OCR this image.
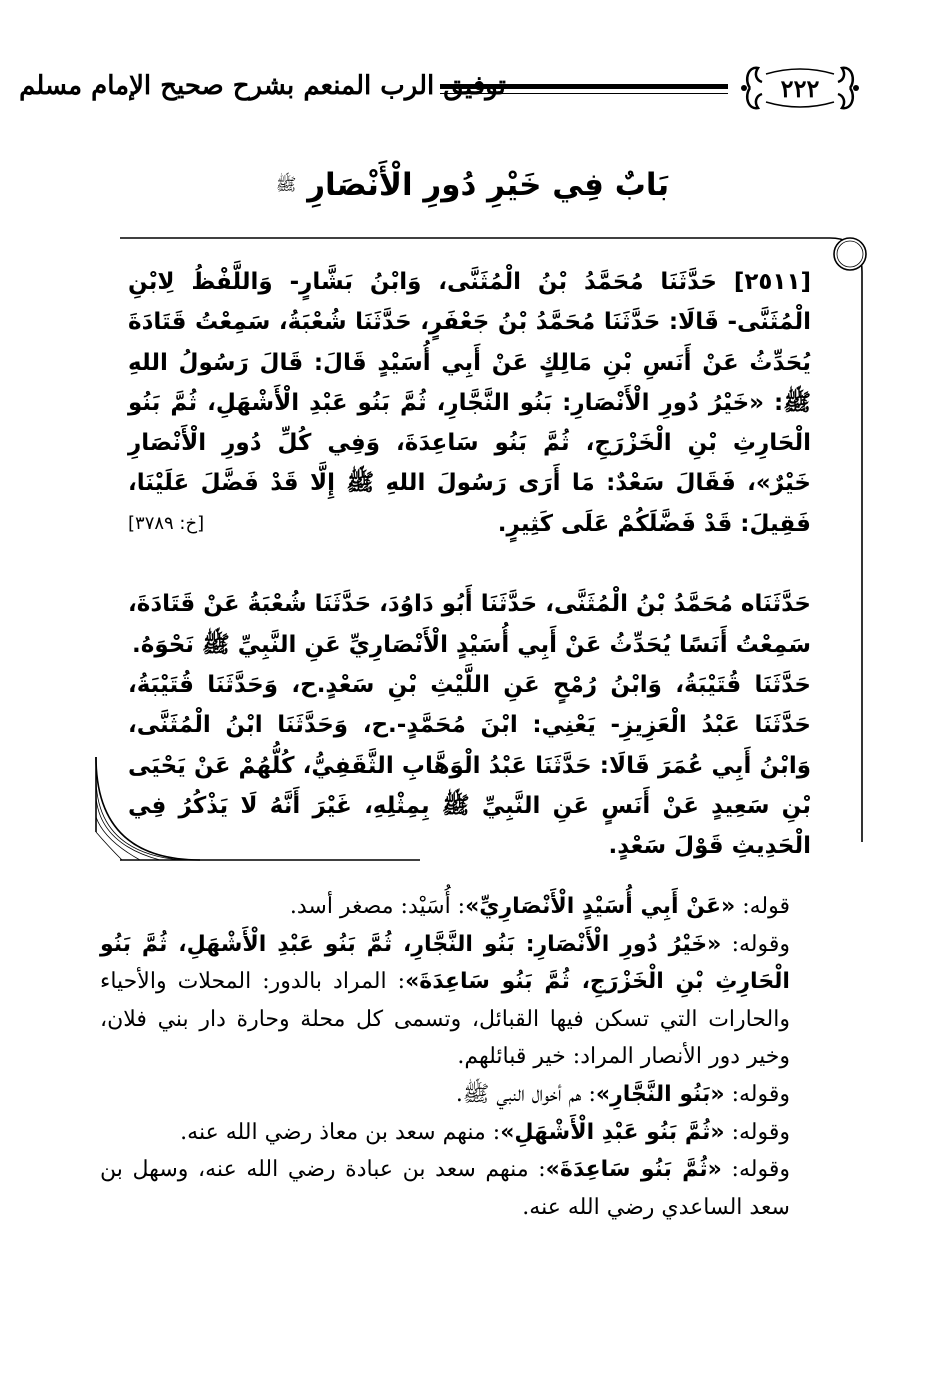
٢٢٢
توفيق الرب المنعم بشرح صحيح الإمام مسلم
بَابٌ فِي خَيْرِ دُورِ الْأَنْصَارِ $^ﷺ$

[٢٥١١] حَدَّثَنَا مُحَمَّدُ بْنُ الْمُثَنَّى، وَابْنُ بَشَّارٍ- وَاللَّفْظُ لِابْنِ الْمُثَنَّى- قَالَا: حَدَّثَنَا مُحَمَّدُ بْنُ جَعْفَرٍ، حَدَّثَنَا شُعْبَةُ، سَمِعْتُ قَتَادَةَ يُحَدِّثُ عَنْ أَنَسِ بْنِ مَالِكٍ عَنْ أَبِي أُسَيْدٍ قَالَ: قَالَ رَسُولُ اللهِ ﷺ: «خَيْرُ دُورِ الْأَنْصَارِ: بَنُو النَّجَّارِ، ثُمَّ بَنُو عَبْدِ الْأَشْهَلِ، ثُمَّ بَنُو الْحَارِثِ بْنِ الْخَزْرَجِ، ثُمَّ بَنُو سَاعِدَةَ، وَفِي كُلِّ دُورِ الْأَنْصَارِ خَيْرٌ»، فَقَالَ سَعْدٌ: مَا أَرَى رَسُولَ اللهِ ﷺ إِلَّا قَدْ فَضَّلَ عَلَيْنَا، فَقِيلَ: قَدْ فَضَّلَكُمْ عَلَى كَثِيرٍ.

[خ: ٣٧٨٩]

حَدَّثَنَاه مُحَمَّدُ بْنُ الْمُثَنَّى، حَدَّثَنَا أَبُو دَاوُدَ، حَدَّثَنَا شُعْبَةُ عَنْ قَتَادَةَ، سَمِعْتُ أَنَسًا يُحَدِّثُ عَنْ أَبِي أُسَيْدٍ الْأَنْصَارِيِّ عَنِ النَّبِيِّ ﷺ نَحْوَهُ.

حَدَّثَنَا قُتَيْبَةُ، وَابْنُ رُمْحٍ عَنِ اللَّيْثِ بْنِ سَعْدٍ.ح، وَحَدَّثَنَا قُتَيْبَةُ، حَدَّثَنَا عَبْدُ الْعَزِيزِ- يَعْنِي: ابْنَ مُحَمَّدٍ-.ح، وَحَدَّثَنَا ابْنُ الْمُثَنَّى، وَابْنُ أَبِي عُمَرَ قَالَا: حَدَّثَنَا عَبْدُ الْوَهَّابِ الثَّقَفِيُّ، كُلُّهُمْ عَنْ يَحْيَى بْنِ سَعِيدٍ عَنْ أَنَسٍ عَنِ النَّبِيِّ ﷺ بِمِثْلِهِ، غَيْرَ أَنَّهُ لَا يَذْكُرُ فِي الْحَدِيثِ قَوْلَ سَعْدٍ.

قوله: «عَنْ أَبِي أُسَيْدٍ الْأَنْصَارِيِّ»: أُسَيْد: مصغر أسد.

وقوله: «خَيْرُ دُورِ الْأَنْصَارِ: بَنُو النَّجَّارِ، ثُمَّ بَنُو عَبْدِ الْأَشْهَلِ، ثُمَّ بَنُو الْحَارِثِ بْنِ الْخَزْرَجِ، ثُمَّ بَنُو سَاعِدَةَ»: المراد بالدور: المحلات والأحياء والحارات التي تسكن فيها القبائل، وتسمى كل محلة وحارة دار بني فلان، وخير دور الأنصار المراد: خير قبائلهم.

وقوله: «بَنُو النَّجَّارِ»: هم أخوال النبي ﷺ.

وقوله: «ثُمَّ بَنُو عَبْدِ الْأَشْهَلِ»: منهم سعد بن معاذ رضي الله عنه.

وقوله: «ثُمَّ بَنُو سَاعِدَةَ»: منهم سعد بن عبادة رضي الله عنه، وسهل بن سعد الساعدي رضي الله عنه.
